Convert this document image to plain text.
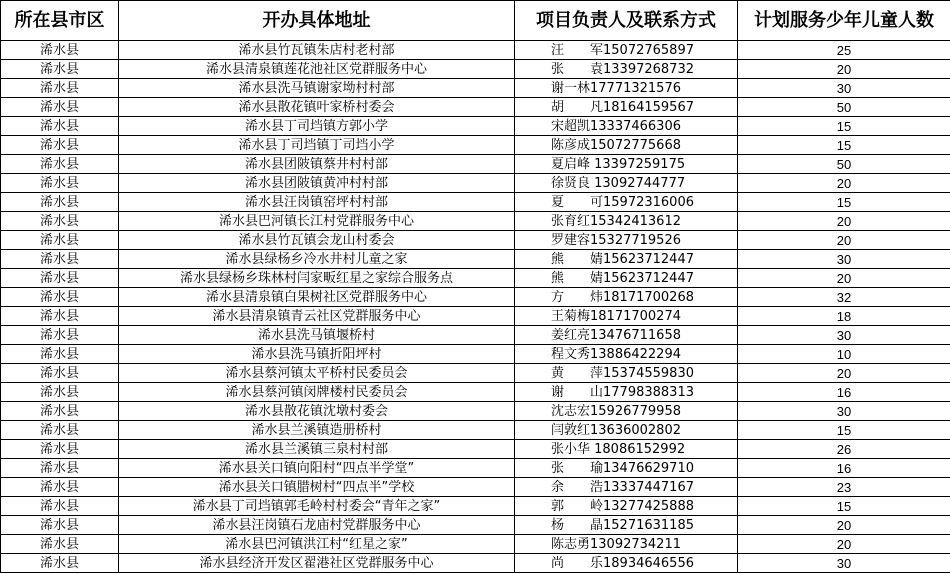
所在县市区	开办具体地址	项目负责人及联系方式	计划服务少年儿童人数
浠水县	浠水县竹瓦镇朱店村老村部	汪　　军15072765897	25
浠水县	浠水县清泉镇莲花池社区党群服务中心	张　　袁13397268732	20
浠水县	浠水县洗马镇谢家坳村村部	谢一林17771321576	30
浠水县	浠水县散花镇叶家桥村委会	胡　　凡18164159567	50
浠水县	浠水县丁司垱镇方郭小学	宋超凯13337466306	15
浠水县	浠水县丁司垱镇丁司垱小学	陈彦成15072775668	15
浠水县	浠水县团陂镇蔡井村村部	夏启峰 13397259175	50
浠水县	浠水县团陂镇黄冲村村部	徐贤良 13092744777	20
浠水县	浠水县汪岗镇窑坪村村部	夏　　可15972316006	15
浠水县	浠水县巴河镇长江村党群服务中心	张育红15342413612	20
浠水县	浠水县竹瓦镇会龙山村委会	罗建容15327719526	20
浠水县	浠水县绿杨乡冷水井村儿童之家	熊　　婧15623712447	30
浠水县	浠水县绿杨乡珠林村闫家畈红星之家综合服务点	熊　　婧15623712447	20
浠水县	浠水县清泉镇白果树社区党群服务中心	方　　炜18171700268	32
浠水县	浠水县清泉镇青云社区党群服务中心	王菊梅18171700274	18
浠水县	浠水县洗马镇堰桥村	姜红亮13476711658	30
浠水县	浠水县洗马镇折阳坪村	程文秀13886422294	10
浠水县	浠水县蔡河镇太平桥村民委员会	黄　　萍15374559830	20
浠水县	浠水县蔡河镇闵牌楼村民委员会	谢　　山17798388313	16
浠水县	浠水县散花镇沈墩村委会	沈志宏15926779958	30
浠水县	浠水县兰溪镇造册桥村	闫敦红13636002802	15
浠水县	浠水县兰溪镇三泉村村部	张小华 18086152992	26
浠水县	浠水县关口镇向阳村“四点半学堂”	张　　瑜13476629710	16
浠水县	浠水县关口镇腊树村“四点半”学校	余　　浩13337447167	23
浠水县	浠水县丁司垱镇郭毛岭村村委会“青年之家”	郭　　岭13277425888	15
浠水县	浠水县汪岗镇石龙庙村党群服务中心	杨　　晶15271631185	20
浠水县	浠水县巴河镇洪江村“红星之家”	陈志勇13092734211	20
浠水县	浠水县经济开发区翟港社区党群服务中心	尚　　乐18934646556	30
